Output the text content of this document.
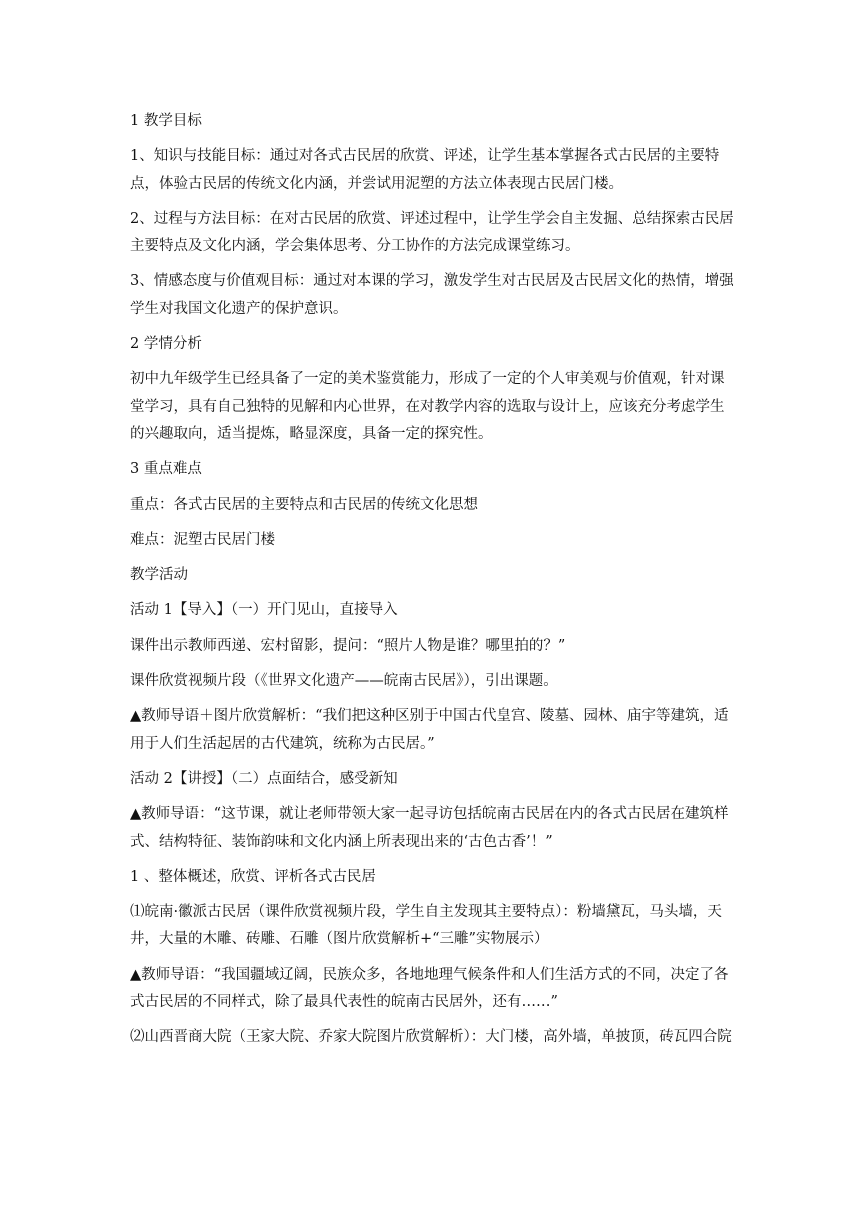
1 教学目标

1、知识与技能目标：通过对各式古民居的欣赏、评述，让学生基本掌握各式古民居的主要特点，体验古民居的传统文化内涵，并尝试用泥塑的方法立体表现古民居门楼。

2、过程与方法目标：在对古民居的欣赏、评述过程中，让学生学会自主发掘、总结探索古民居主要特点及文化内涵，学会集体思考、分工协作的方法完成课堂练习。

3、情感态度与价值观目标：通过对本课的学习，激发学生对古民居及古民居文化的热情，增强学生对我国文化遗产的保护意识。

2 学情分析

初中九年级学生已经具备了一定的美术鉴赏能力，形成了一定的个人审美观与价值观，针对课堂学习，具有自己独特的见解和内心世界，在对教学内容的选取与设计上，应该充分考虑学生的兴趣取向，适当提炼，略显深度，具备一定的探究性。

3 重点难点

重点：各式古民居的主要特点和古民居的传统文化思想

难点：泥塑古民居门楼

教学活动

活动 1【导入】（一）开门见山，直接导入

课件出示教师西递、宏村留影，提问：“照片人物是谁？哪里拍的？”

课件欣赏视频片段（《世界文化遗产——皖南古民居》），引出课题。

▲教师导语＋图片欣赏解析：“我们把这种区别于中国古代皇宫、陵墓、园林、庙宇等建筑，适用于人们生活起居的古代建筑，统称为古民居。”

活动 2【讲授】（二）点面结合，感受新知

▲教师导语：“这节课，就让老师带领大家一起寻访包括皖南古民居在内的各式古民居在建筑样式、结构特征、装饰韵味和文化内涵上所表现出来的‘古色古香’！”

1 、整体概述，欣赏、评析各式古民居

⑴皖南·徽派古民居（课件欣赏视频片段，学生自主发现其主要特点）：粉墙黛瓦，马头墙，天井，大量的木雕、砖雕、石雕（图片欣赏解析+“三雕”实物展示）

▲教师导语：“我国疆域辽阔，民族众多，各地地理气候条件和人们生活方式的不同，决定了各式古民居的不同样式，除了最具代表性的皖南古民居外，还有……”

⑵山西晋商大院（王家大院、乔家大院图片欣赏解析）：大门楼，高外墙，单披顶，砖瓦四合院
